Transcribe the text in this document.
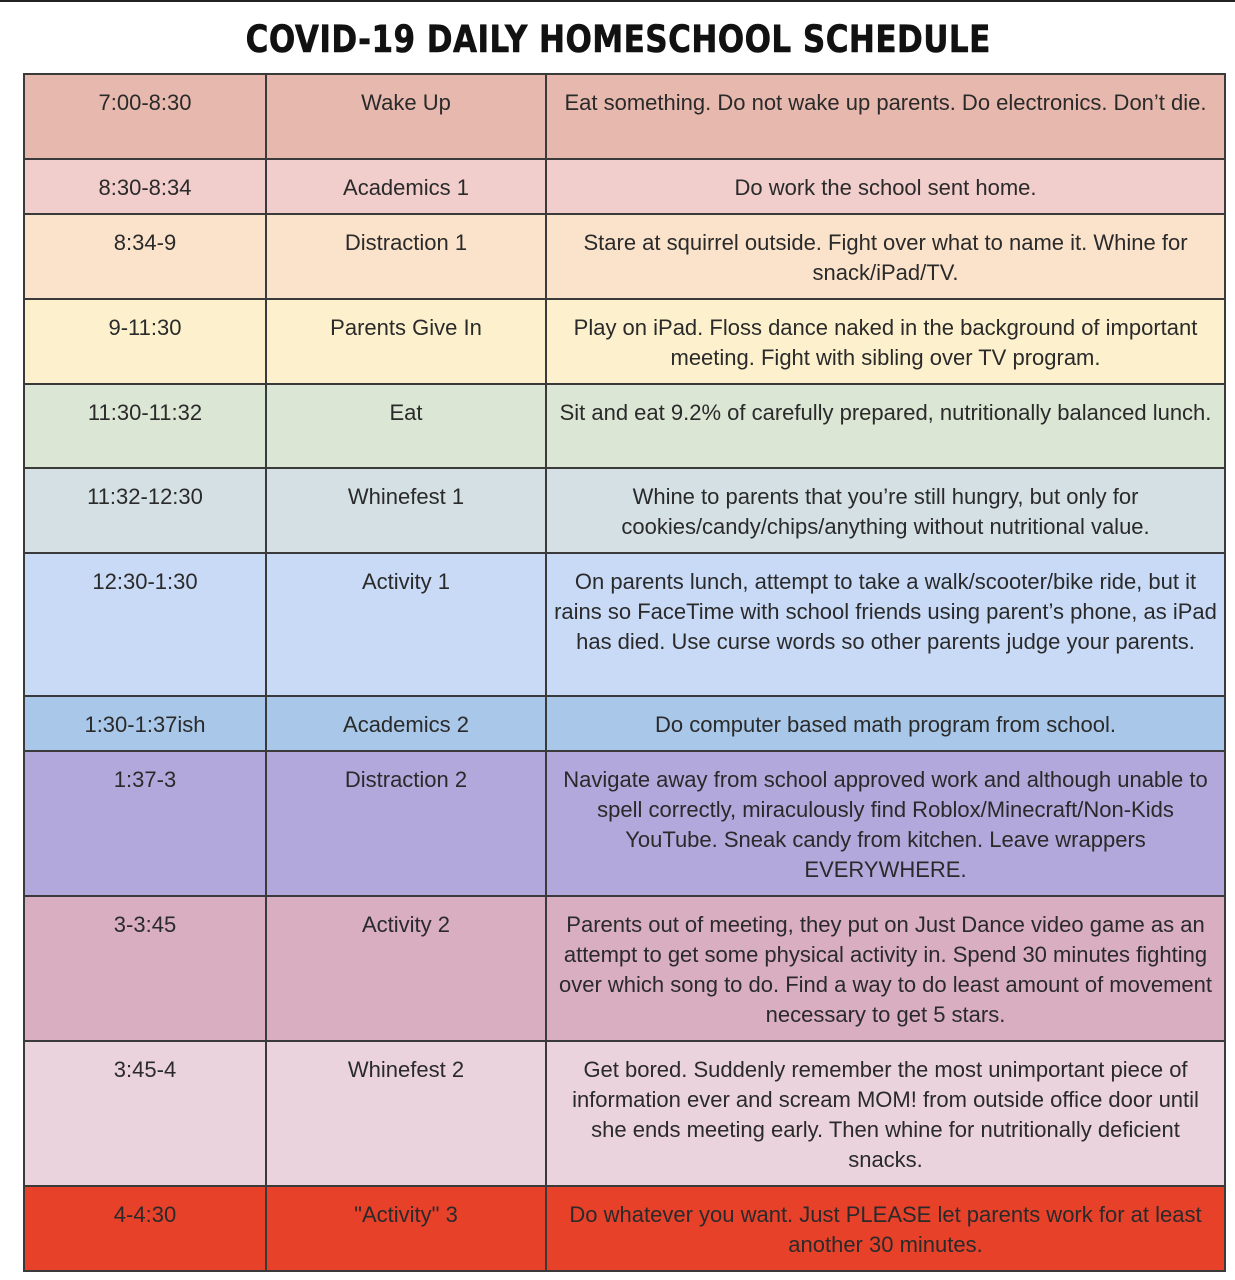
COVID-19 DAILY HOMESCHOOL SCHEDULE
7:00-8:30	Wake Up	Eat something. Do not wake up parents. Do electronics. Don’t die.
8:30-8:34	Academics 1	Do work the school sent home.
8:34-9	Distraction 1	Stare at squirrel outside. Fight over what to name it. Whine for snack/iPad/TV.
9-11:30	Parents Give In	Play on iPad. Floss dance naked in the background of important meeting. Fight with sibling over TV program.
11:30-11:32	Eat	Sit and eat 9.2% of carefully prepared, nutritionally balanced lunch.
11:32-12:30	Whinefest 1	Whine to parents that you’re still hungry, but only for cookies/candy/chips/anything without nutritional value.
12:30-1:30	Activity 1	On parents lunch, attempt to take a walk/scooter/bike ride, but it rains so FaceTime with school friends using parent’s phone, as iPad has died. Use curse words so other parents judge your parents.
1:30-1:37ish	Academics 2	Do computer based math program from school.
1:37-3	Distraction 2	Navigate away from school approved work and although unable to spell correctly, miraculously find Roblox/Minecraft/Non-Kids YouTube. Sneak candy from kitchen. Leave wrappers EVERYWHERE.
3-3:45	Activity 2	Parents out of meeting, they put on Just Dance video game as an attempt to get some physical activity in. Spend 30 minutes fighting over which song to do. Find a way to do least amount of movement necessary to get 5 stars.
3:45-4	Whinefest 2	Get bored. Suddenly remember the most unimportant piece of information ever and scream MOM! from outside office door until she ends meeting early. Then whine for nutritionally deficient snacks.
4-4:30	"Activity" 3	Do whatever you want. Just PLEASE let parents work for at least another 30 minutes.
